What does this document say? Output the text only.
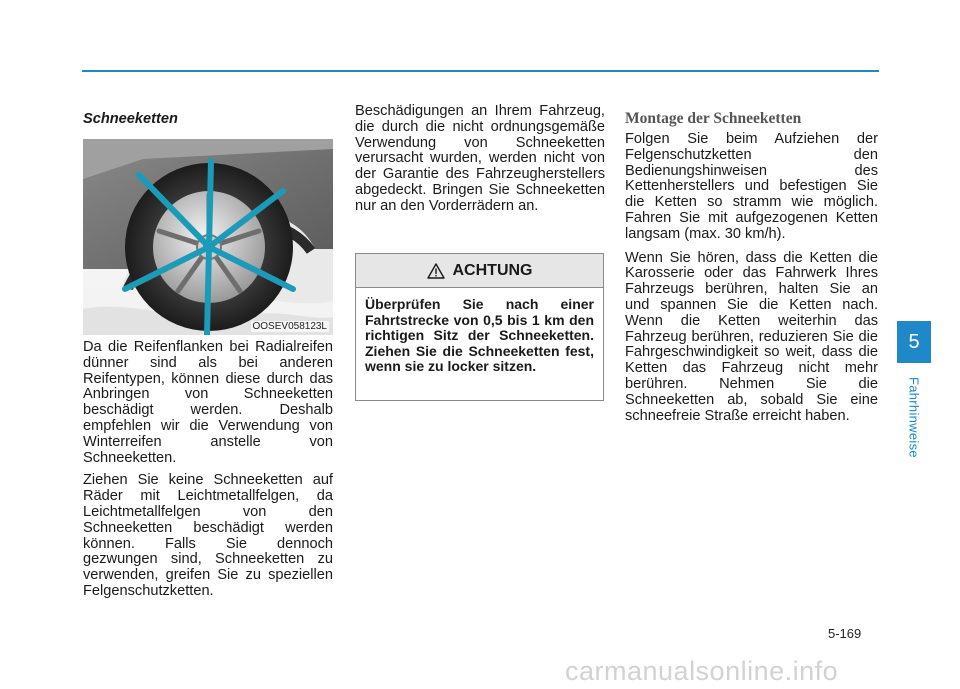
Schneeketten
OOSEV058123L

Da die Reifenflanken bei Radialreifen dünner sind als bei anderen Reifentypen, können diese durch das Anbringen von Schneeketten beschädigt werden. Deshalb empfehlen wir die Verwendung von Winterreifen anstelle von Schneeketten.

Ziehen Sie keine Schneeketten auf Räder mit Leichtmetallfelgen, da Leichtmetallfelgen von den Schneeketten beschädigt werden können. Falls Sie dennoch gezwungen sind, Schneeketten zu verwenden, greifen Sie zu speziellen Felgenschutzketten.

Beschädigungen an Ihrem Fahrzeug, die durch die nicht ordnungsgemäße Verwendung von Schneeketten verursacht wurden, werden nicht von der Garantie des Fahrzeugherstellers abgedeckt. Bringen Sie Schneeketten nur an den Vorderrädern an.

ACHTUNG
Überprüfen Sie nach einer Fahrtstrecke von 0,5 bis 1 km den richtigen Sitz der Schneeketten. Ziehen Sie die Schneeketten fest, wenn sie zu locker sitzen.
Montage der Schneeketten

Folgen Sie beim Aufziehen der Felgenschutzketten den Bedienungshinweisen des Kettenherstellers und befestigen Sie die Ketten so stramm wie möglich. Fahren Sie mit aufgezogenen Ketten langsam (max. 30 km/h).

Wenn Sie hören, dass die Ketten die Karosserie oder das Fahrwerk Ihres Fahrzeugs berühren, halten Sie an und spannen Sie die Ketten nach. Wenn die Ketten weiterhin das Fahrzeug berühren, reduzieren Sie die Fahrgeschwindigkeit so weit, dass die Ketten das Fahrzeug nicht mehr berühren. Nehmen Sie die Schneeketten ab, sobald Sie eine schneefreie Straße erreicht haben.

5
Fahrhinweise
5-169
carmanualsonline.info
